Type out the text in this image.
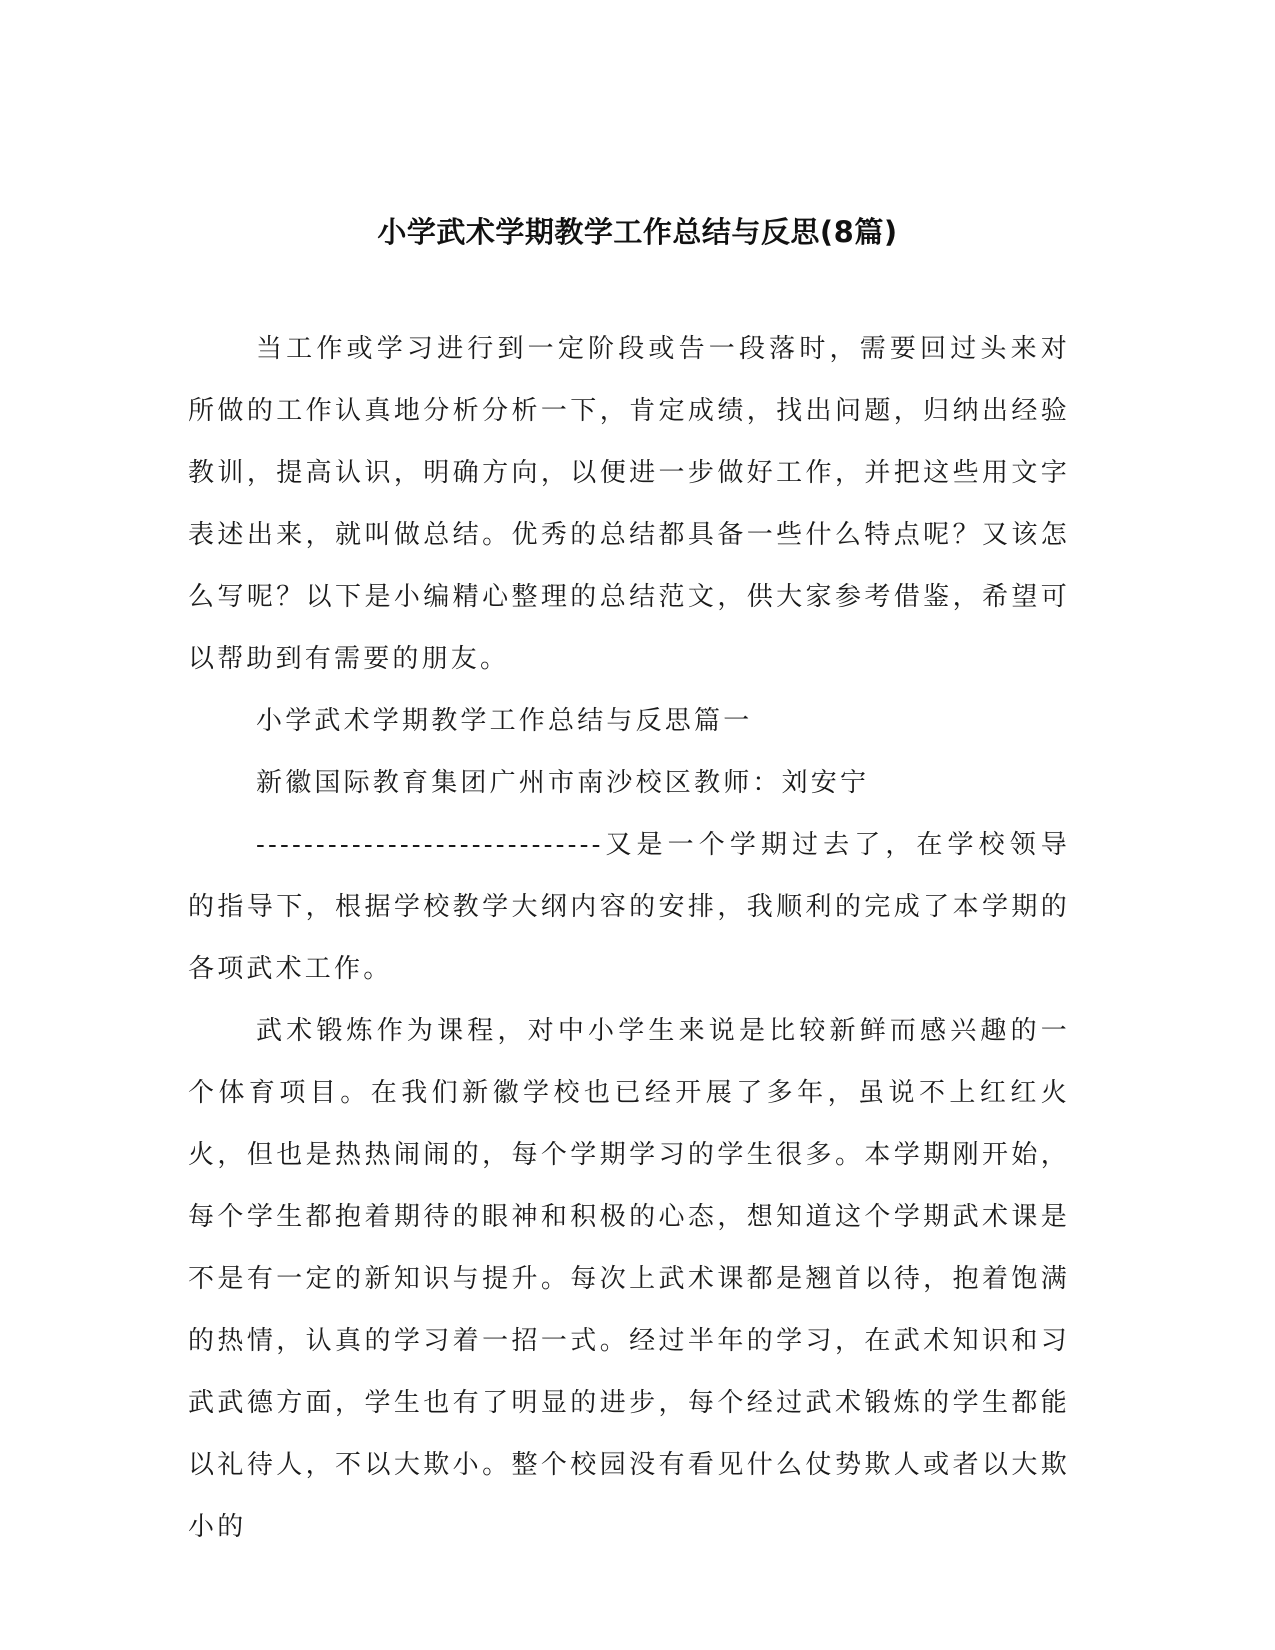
小学武术学期教学工作总结与反思(8篇)

当工作或学习进行到一定阶段或告一段落时，需要回过头来对所做的工作认真地分析分析一下，肯定成绩，找出问题，归纳出经验教训，提高认识，明确方向，以便进一步做好工作，并把这些用文字表述出来，就叫做总结。优秀的总结都具备一些什么特点呢？又该怎么写呢？以下是小编精心整理的总结范文，供大家参考借鉴，希望可以帮助到有需要的朋友。

小学武术学期教学工作总结与反思篇一

新徽国际教育集团广州市南沙校区教师：刘安宁

-----------------------------又是一个学期过去了，在学校领导的指导下，根据学校教学大纲内容的安排，我顺利的完成了本学期的各项武术工作。

武术锻炼作为课程，对中小学生来说是比较新鲜而感兴趣的一个体育项目。在我们新徽学校也已经开展了多年，虽说不上红红火火，但也是热热闹闹的，每个学期学习的学生很多。本学期刚开始，每个学生都抱着期待的眼神和积极的心态，想知道这个学期武术课是不是有一定的新知识与提升。每次上武术课都是翘首以待，抱着饱满的热情，认真的学习着一招一式。经过半年的学习，在武术知识和习武武德方面，学生也有了明显的进步，每个经过武术锻炼的学生都能以礼待人，不以大欺小。整个校园没有看见什么仗势欺人或者以大欺小的
